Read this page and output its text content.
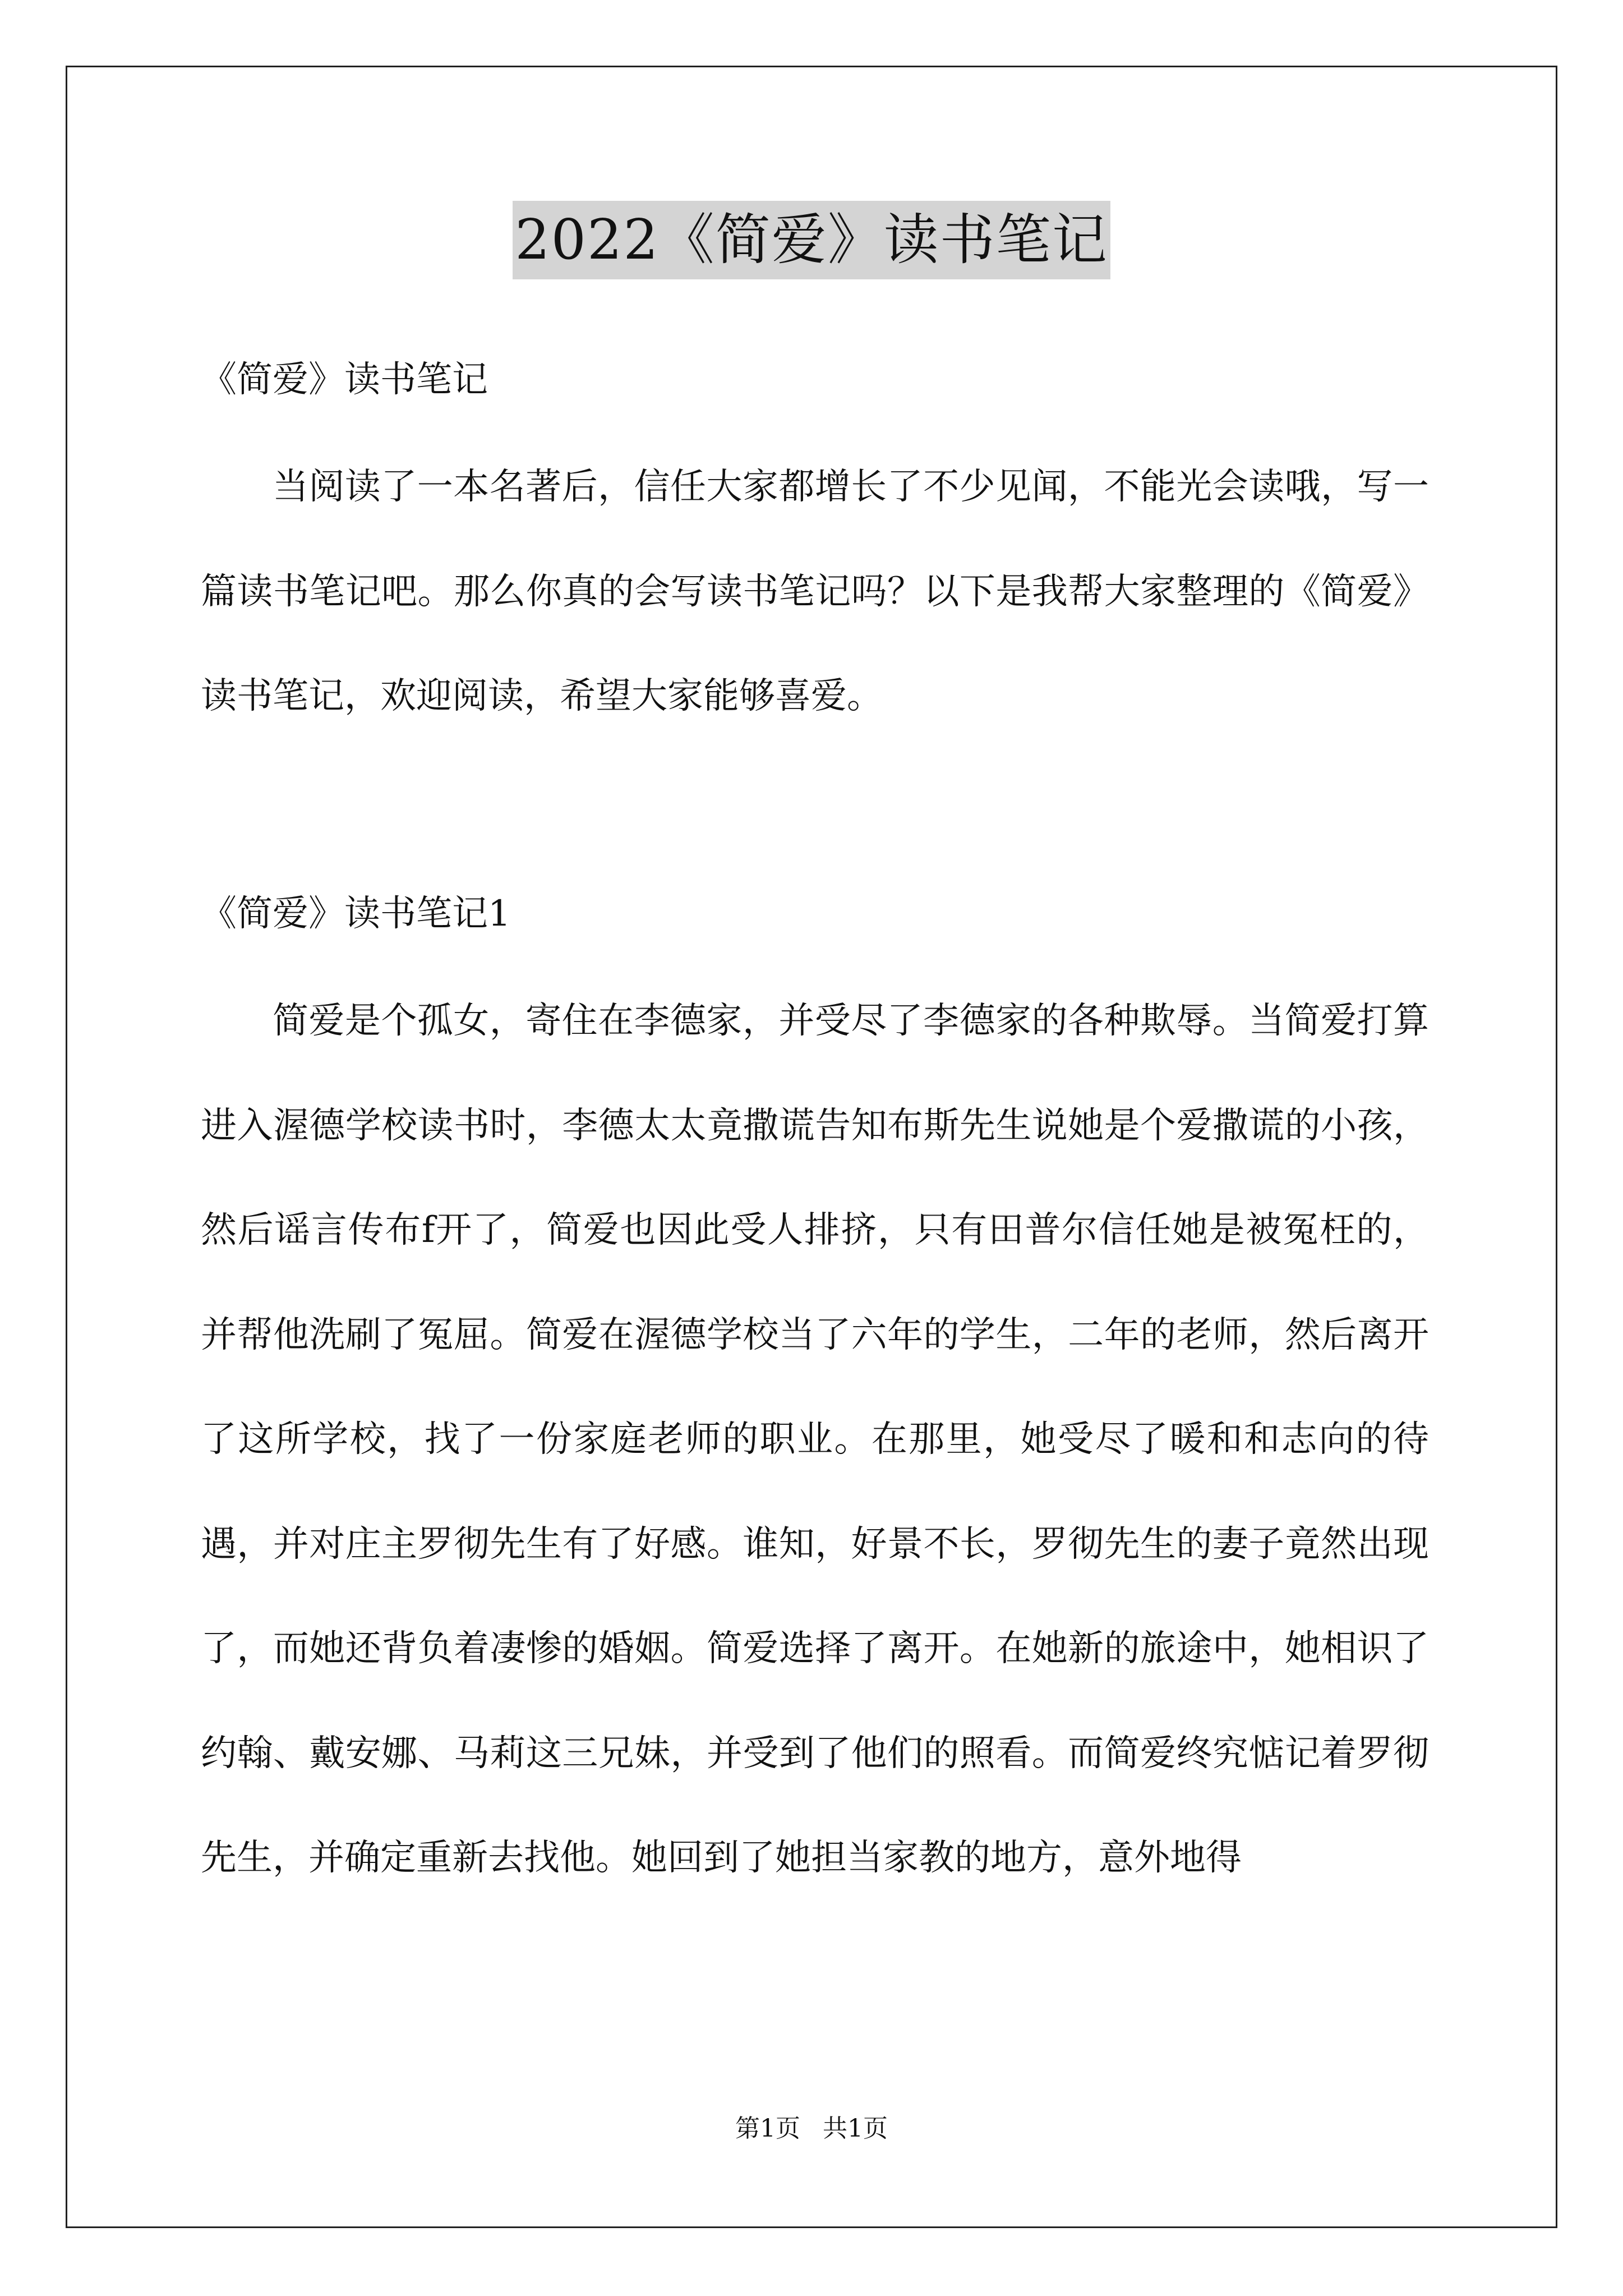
2022《简爱》读书笔记
《简爱》读书笔记

当阅读了一本名著后，信任大家都增长了不少见闻，不能光会读哦，写一篇读书笔记吧。那么你真的会写读书笔记吗？以下是我帮大家整理的《简爱》读书笔记，欢迎阅读，希望大家能够喜爱。

《简爱》读书笔记1

简爱是个孤女，寄住在李德家，并受尽了李德家的各种欺辱。当简爱打算进入渥德学校读书时，李德太太竟撒谎告知布斯先生说她是个爱撒谎的小孩，然后谣言传布f开了，简爱也因此受人排挤，只有田普尔信任她是被冤枉的，并帮他洗刷了冤屈。简爱在渥德学校当了六年的学生，二年的老师，然后离开了这所学校，找了一份家庭老师的职业。在那里，她受尽了暖和和志向的待遇，并对庄主罗彻先生有了好感。谁知，好景不长，罗彻先生的妻子竟然出现了，而她还背负着凄惨的婚姻。简爱选择了离开。在她新的旅途中，她相识了约翰、戴安娜、马莉这三兄妹，并受到了他们的照看。而简爱终究惦记着罗彻先生，并确定重新去找他。她回到了她担当家教的地方，意外地得

第1页 共1页
